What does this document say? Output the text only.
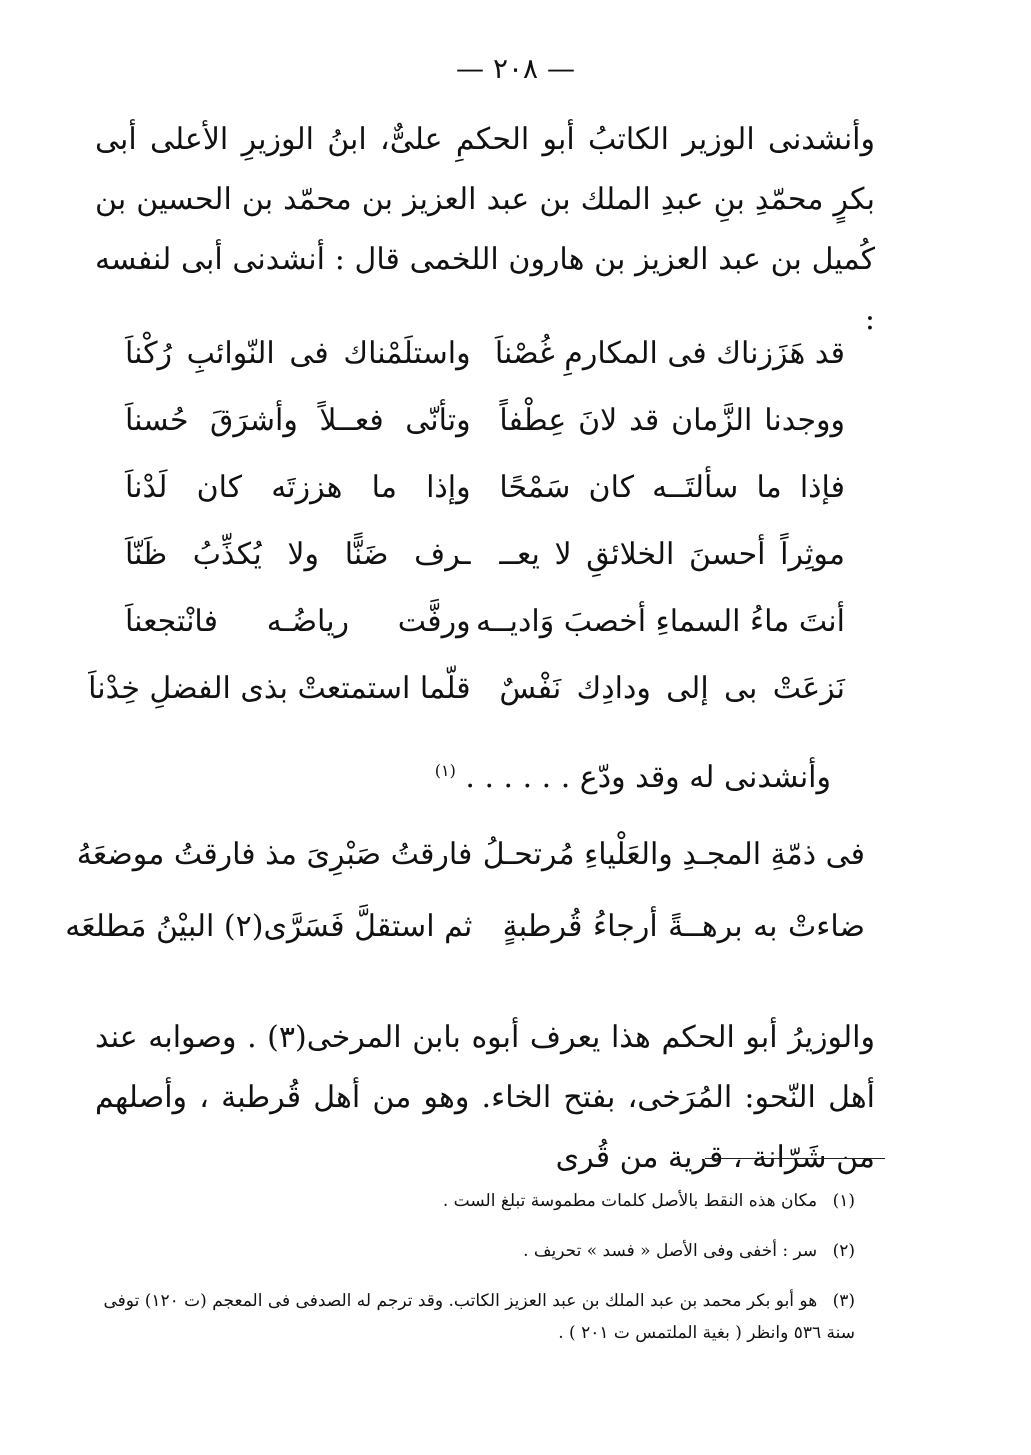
— ٢٠٨ —
وأنشدنى الوزير الكاتبُ أبو الحكمِ علىٌّ، ابنُ الوزيرِ الأعلى أبى بكرٍ محمّدِ بنِ عبدِ الملك بن عبد العزيز بن محمّد بن الحسين بن كُميل بن عبد العزيز بن هارون اللخمى قال : أنشدنى أبى لنفسه :
قد هَزَزناك فى المكارمِ غُصْناَ
واستلَمْناك فى النّوائبِ رُكْناَ
ووجدنا الزَّمان قد لانَ عِطْفاً
وتأنّى فعــلاً وأشرَقَ حُسناَ
فإذا ما سألتَــه كان سَمْحًا
وإذا ما هززتَه كان لَدْناَ
موثِراً أحسنَ الخلائقِ لا يعــ
ـرف ضَنًّا ولا يُكذِّبُ ظَنّاَ
أنتَ ماءُ السماءِ أخصبَ وَاديــه
ورفَّت رياضُـه فانْتجعناَ
نَزعَتْ بى إلى ودادِك نَفْسٌ
قلّما استمتعتْ بذى الفضلِ خِدْناَ
وأنشدنى له وقد ودّع . . . . . . $^{(١)}$
فى ذمّةِ المجـدِ والعَلْياءِ مُرتحـلُ
فارقتُ صَبْرِىَ مذ فارقتُ موضعَهُ
ضاءتْ به برهــةً أرجاءُ قُرطبةٍ
ثم استقلَّ فَسَرَّى(٢) البيْنُ مَطلعَه
والوزيرُ أبو الحكم هذا يعرف أبوه بابن المرخى(٣) . وصوابه عند أهل النّحو: المُرَخى، بفتح الخاء. وهو من أهل قُرطبة ، وأصلهم من شَرّانة ، قرية من قُرى
(١) مكان هذه النقط بالأصل كلمات مطموسة تبلغ الست .
(٢) سر : أخفى وفى الأصل « فسد » تحريف .
(٣) هو أبو بكر محمد بن عبد الملك بن عبد العزيز الكاتب. وقد ترجم له الصدفى فى المعجم (ت ١٢٠) توفى سنة ٥٣٦ وانظر ( بغية الملتمس ت ٢٠١ ) .
